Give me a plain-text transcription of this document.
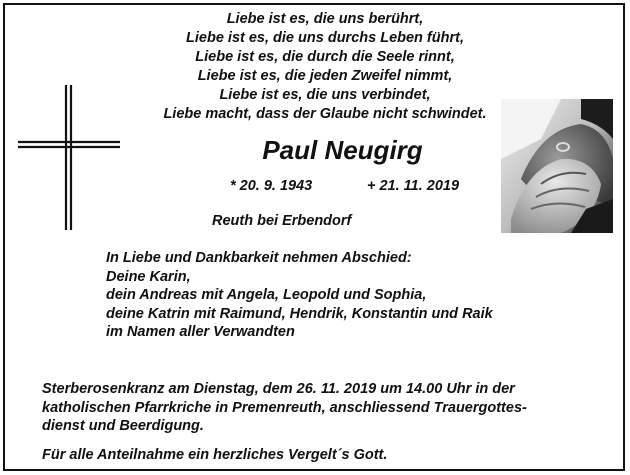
Liebe ist es, die uns berührt,
Liebe ist es, die uns durchs Leben führt,
Liebe ist es, die durch die Seele rinnt,
Liebe ist es, die jeden Zweifel nimmt,
Liebe ist es, die uns verbindet,
Liebe macht, dass der Glaube nicht schwindet.
Paul Neugirg
* 20. 9. 1943	+ 21. 11. 2019
Reuth bei Erbendorf
In Liebe und Dankbarkeit nehmen Abschied:
Deine Karin,
dein Andreas mit Angela, Leopold und Sophia,
deine Katrin mit Raimund, Hendrik, Konstantin und Raik
im Namen aller Verwandten
Sterberosenkranz am Dienstag, dem 26. 11. 2019 um 14.00 Uhr in der
katholischen Pfarrkriche in Premenreuth, anschliessend Trauergottes-
dienst und Beerdigung.
Für alle Anteilnahme ein herzliches Vergelt´s Gott.
